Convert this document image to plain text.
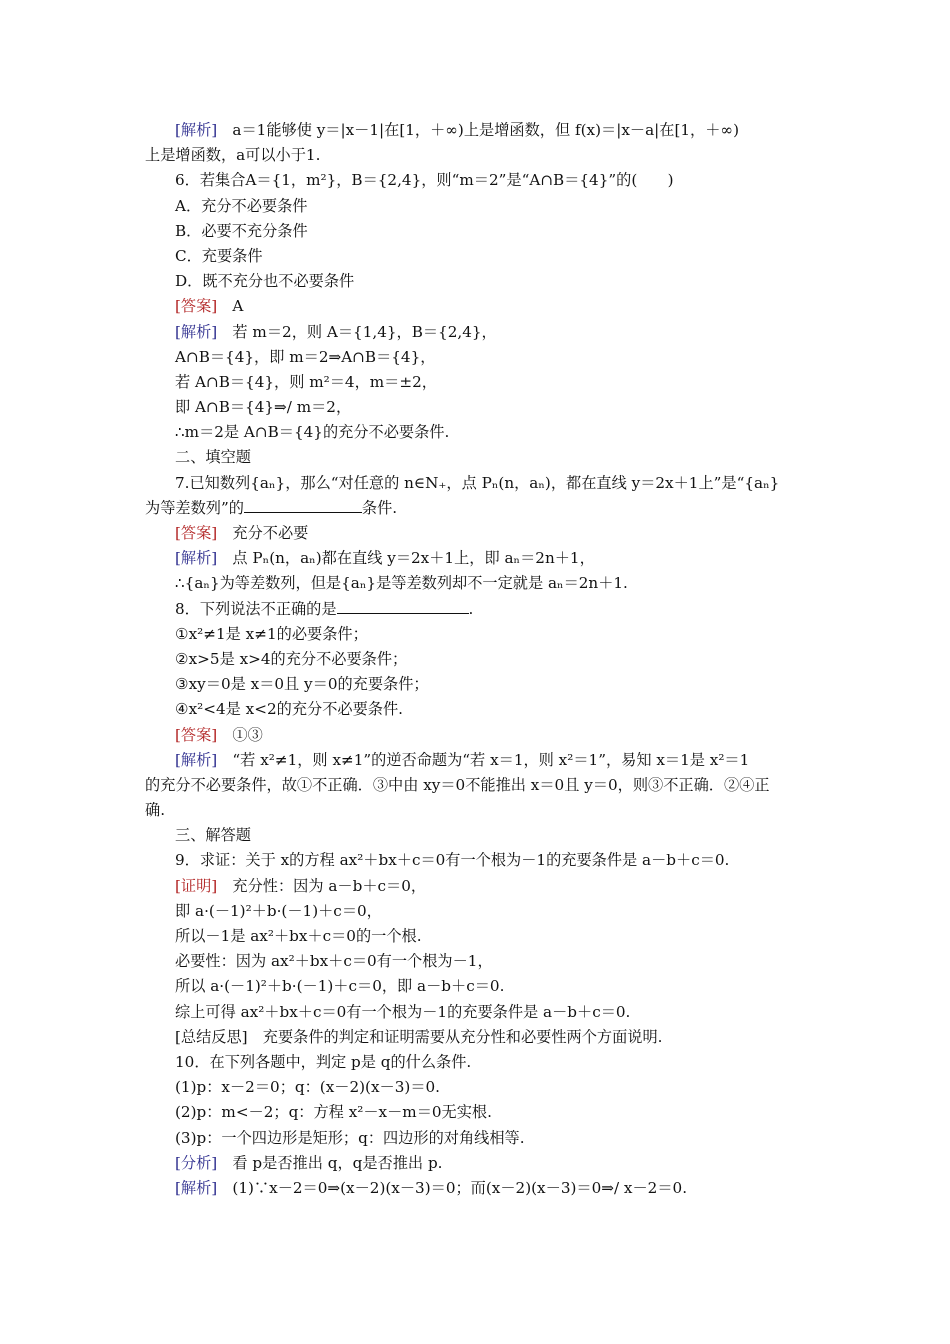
[解析]　a＝1能够使 y＝|x－1|在[1，＋∞)上是增函数，但 f(x)＝|x－a|在[1，＋∞)
上是增函数，a可以小于1.
6．若集合A＝{1，m²}，B＝{2,4}，则“m＝2”是“A∩B＝{4}”的(　　)
A．充分不必要条件
B．必要不充分条件
C．充要条件
D．既不充分也不必要条件
[答案]　A
[解析]　若 m＝2，则 A＝{1,4}，B＝{2,4}，
A∩B＝{4}，即 m＝2⇒A∩B＝{4}，
若 A∩B＝{4}，则 m²＝4，m＝±2，
即 A∩B＝{4}⇒/ m＝2，
∴m＝2是 A∩B＝{4}的充分不必要条件.
二、填空题
7.已知数列{aₙ}，那么“对任意的 n∈N₊，点 Pₙ(n，aₙ)，都在直线 y＝2x＋1上”是“{aₙ}
为等差数列”的	条件.
[答案]　充分不必要
[解析]　点 Pₙ(n，aₙ)都在直线 y＝2x＋1上，即 aₙ＝2n＋1，
∴{aₙ}为等差数列，但是{aₙ}是等差数列却不一定就是 aₙ＝2n＋1.
8．下列说法不正确的是	.
①x²≠1是 x≠1的必要条件；
②x>5是 x>4的充分不必要条件；
③xy＝0是 x＝0且 y＝0的充要条件；
④x²<4是 x<2的充分不必要条件.
[答案]　①③
[解析]　“若 x²≠1，则 x≠1”的逆否命题为“若 x＝1，则 x²＝1”，易知 x＝1是 x²＝1
的充分不必要条件，故①不正确．③中由 xy＝0不能推出 x＝0且 y＝0，则③不正确．②④正
确.
三、解答题
9．求证：关于 x的方程 ax²＋bx＋c＝0有一个根为－1的充要条件是 a－b＋c＝0.
[证明]　充分性：因为 a－b＋c＝0，
即 a·(－1)²＋b·(－1)＋c＝0，
所以－1是 ax²＋bx＋c＝0的一个根.
必要性：因为 ax²＋bx＋c＝0有一个根为－1，
所以 a·(－1)²＋b·(－1)＋c＝0，即 a－b＋c＝0.
综上可得 ax²＋bx＋c＝0有一个根为－1的充要条件是 a－b＋c＝0.
[总结反思]　充要条件的判定和证明需要从充分性和必要性两个方面说明.
10．在下列各题中，判定 p是 q的什么条件.
(1)p：x－2＝0；q：(x－2)(x－3)＝0.
(2)p：m<－2；q：方程 x²－x－m＝0无实根.
(3)p：一个四边形是矩形；q：四边形的对角线相等.
[分析]　看 p是否推出 q，q是否推出 p.
[解析]　(1)∵x－2＝0⇒(x－2)(x－3)＝0；而(x－2)(x－3)＝0⇒/ x－2＝0.
